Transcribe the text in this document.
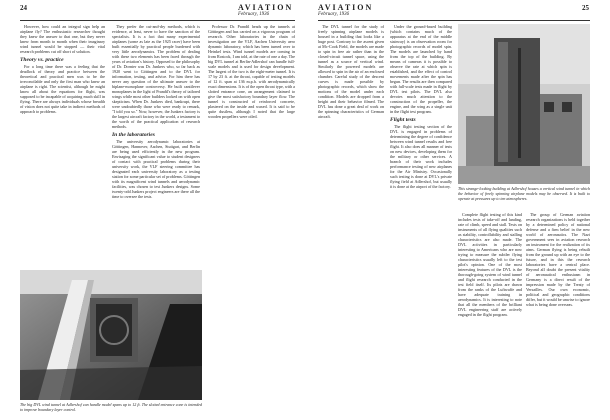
24	AVIATION
February, 1936

However, how could an integral sign help an airplane fly? The enthusiastic researcher thought they knew the answer to that one, but they never knew from month to month when their imaginary wind tunnel would be stopped — their vital research problems cut off short of solution.

Theory vs. practice

For a long time there was a feeling that the deadlock of theory and practice between the theoretical and practical men was to be the irreconcilable and only the first man who knew an airplane is right. The scientist, although he might know all about the equations for flight, was supposed to be incapable of acquiring much skill in flying. There are always individuals whose breadth of vision does not quite take in indirect methods of approach to problems.

They prefer the cut-and-dry methods, which is evidence, at least, never to have the sanction of the specialists. It is a fact that many experimental airplanes (some as late as the 1925 racer) have been built essentially by practical people burdened with very little aerodynamics. The problem of dealing with these two elements has been faced through the years of aviation's history. Opposed to the philosophy of Dr. Dornier was Dr. Junkers who, so far back as 1920 went to Göttingen and to the DVL for information, testing, and advice. For him there has never any question of the ultimate answer to the biplane-monoplane controversy. He built cantilever monoplanes in the light of Prandtl's theory of tailored wings while most other builders looked on with open skepticism. When Dr. Junkers died, bankrupt, there were undoubtedly those who were ready to remark, "I told you so." Now, however, the Junkers factory is the largest aircraft factory in the world, a testament to the worth of the practical application of research methods.

In the laboratories

The university aerodynamic laboratories at Göttingen, Hannover, Aachen, Stuttgart, and Berlin are being used efficiently in the new program. Envisaging the significant value to student designers of contact with practical problems during their university work, the VLF steering committee has designated each university laboratory as a testing station for some particular set of problems. Göttingen with its magnificent wind tunnels and aerodynamic facilities, was chosen to test Junkers designs. Some twenty-odd Junkers project engineers are there all the time to oversee the tests.

Professor Dr. Prandtl heads up the tunnels at Göttingen and has carried on a vigorous program of research. Other laboratories in the chain of investigation are the VLF, Aachen University aero dynamic laboratory, which has been turned over to Heinkel tests. Wind tunnel models are coming in from Rostock, I am told, at the rate of one a day. The big DVL tunnel at Berlin-Adlershof can handle full-scale models and is used for design development. The largest of the two is the eight-meter tunnel. It is 17 by 23 ft. at the throat, capable of testing models of 12 ft. span at 136 m.p.h. with aerodynamically exact dimensions. It is of the open throat type, with a slotted entrance cone, an arrangement claimed to give the most satisfactory boundary layer flow. The tunnel is constructed of reinforced concrete, plastered on the inside and waxed. It is said to be quite dustless, although I noted that the large wooden propellers were oiled.

The big DVL wind tunnel at Adlershof can handle model spans up to 12 ft. The slotted entrance cone is intended to improve boundary layer control.
AVIATION
February, 1936
25

The DVL tunnel for the study of freely spinning airplane models is housed in a building that looks like a huge post. Contrary to the ascent given at Mc-Cook Field, the models are made to spin in free air rather than in the closed-circuit tunnel space, using the tunnel as a source of vertical wind. Similarly the powered models are allowed to spin in the air of an enclosed chamber. Careful study of the descent curves is made possible by photographic records, which show the motions of the model under each condition. Models are dropped from a height and their behavior filmed. The DVL has done a great deal of work on the spinning characteristics of German aircraft.

Under the ground-based building (which contains much of the apparatus at the end of the middle stairway) is an observation room for photographic records of model spin. The models are launched by hand from the top of the building. By means of cameras it is possible to observe the rate at which spin is established, and the effect of control movements made after the spin has begun. The results are then compared with full-scale tests made in flight by DVL test pilots. The DVL also devotes much attention to the construction of the propeller, the engine, and the wing as a single unit in the flight test program.

Flight tests

The flight testing section of the DVL is engaged in problems of determining the degree of confidence between wind tunnel results and free flight. It also does all manner of tests on new devices, developing them for the military or other services. A branch of their work includes performance testing of new airplanes for the Air Ministry. Occasionally such testing is done at DVL's private flying field at Adlershof, but usually it is done at the airport of the factory.	This strange-looking building at Adlershof houses a vertical wind tunnel in which the behavior of freely spinning airplane models may be observed. It is built to operate at pressures up to ten atmospheres.

Complete flight testing of this kind includes tests of take-off and landing, rate of climb, speed and stall. Tests on instruments of all flying qualities such as stability, controllability and stalling characteristics are also made. The DVL activities in particularly interesting to Americans who are now trying to measure the subtler flying characteristics usually left to the test pilot's opinion. One of the most interesting features of the DVL is the thorough-going system of wind tunnel and flight research conducted in the test field itself. Its pilots are drawn from the ranks of the Luftwaffe and have adequate training in aerodynamics. It is interesting to note that all the members of the brilliant DVL engineering staff are actively engaged in the flight program.

The group of German aviation research organizations is held together by a determined policy of national defense and a firm belief in the new world of aeronautics. The Nazi government sees in aviation research an instrument for the realization of its aims. German flying is being rebuilt from the ground up with an eye to the future, and in this the research laboratories have a central place. Beyond all doubt the present vitality of aeronautical enthusiasm in Germany is a direct result of the impression made by the Treaty of Versailles. Our own economic, political and geographic conditions differ, but it would be unwise to ignore what is being done overseas.
